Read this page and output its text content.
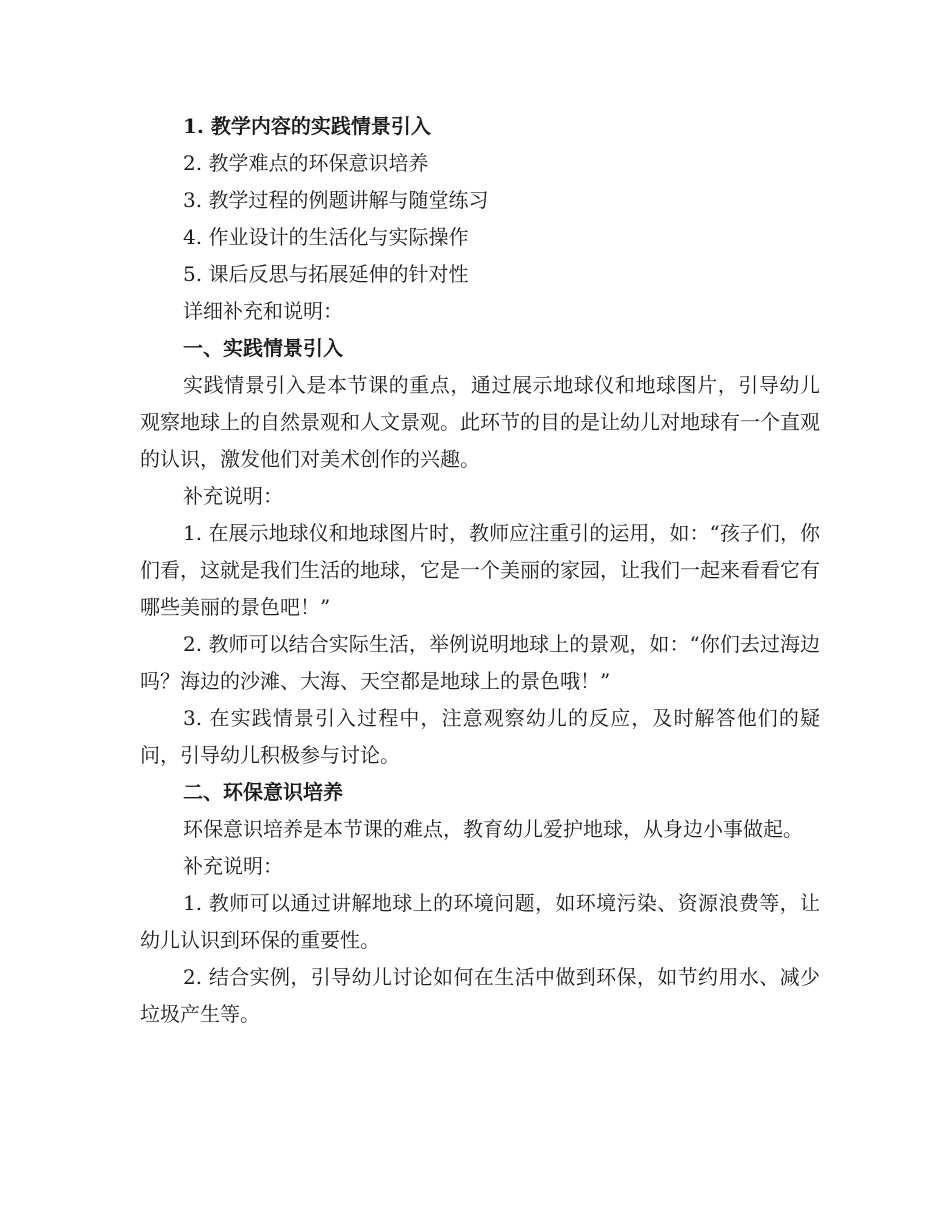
1. 教学内容的实践情景引入

2. 教学难点的环保意识培养

3. 教学过程的例题讲解与随堂练习

4. 作业设计的生活化与实际操作

5. 课后反思与拓展延伸的针对性

详细补充和说明：

一、实践情景引入

实践情景引入是本节课的重点，通过展示地球仪和地球图片，引导幼儿观察地球上的自然景观和人文景观。此环节的目的是让幼儿对地球有一个直观的认识，激发他们对美术创作的兴趣。

补充说明：

1. 在展示地球仪和地球图片时，教师应注重引的运用，如：“孩子们，你们看，这就是我们生活的地球，它是一个美丽的家园，让我们一起来看看它有哪些美丽的景色吧！”

2. 教师可以结合实际生活，举例说明地球上的景观，如：“你们去过海边吗？海边的沙滩、大海、天空都是地球上的景色哦！”

3. 在实践情景引入过程中，注意观察幼儿的反应，及时解答他们的疑问，引导幼儿积极参与讨论。

二、环保意识培养

环保意识培养是本节课的难点，教育幼儿爱护地球，从身边小事做起。

补充说明：

1. 教师可以通过讲解地球上的环境问题，如环境污染、资源浪费等，让幼儿认识到环保的重要性。

2. 结合实例，引导幼儿讨论如何在生活中做到环保，如节约用水、减少垃圾产生等。
